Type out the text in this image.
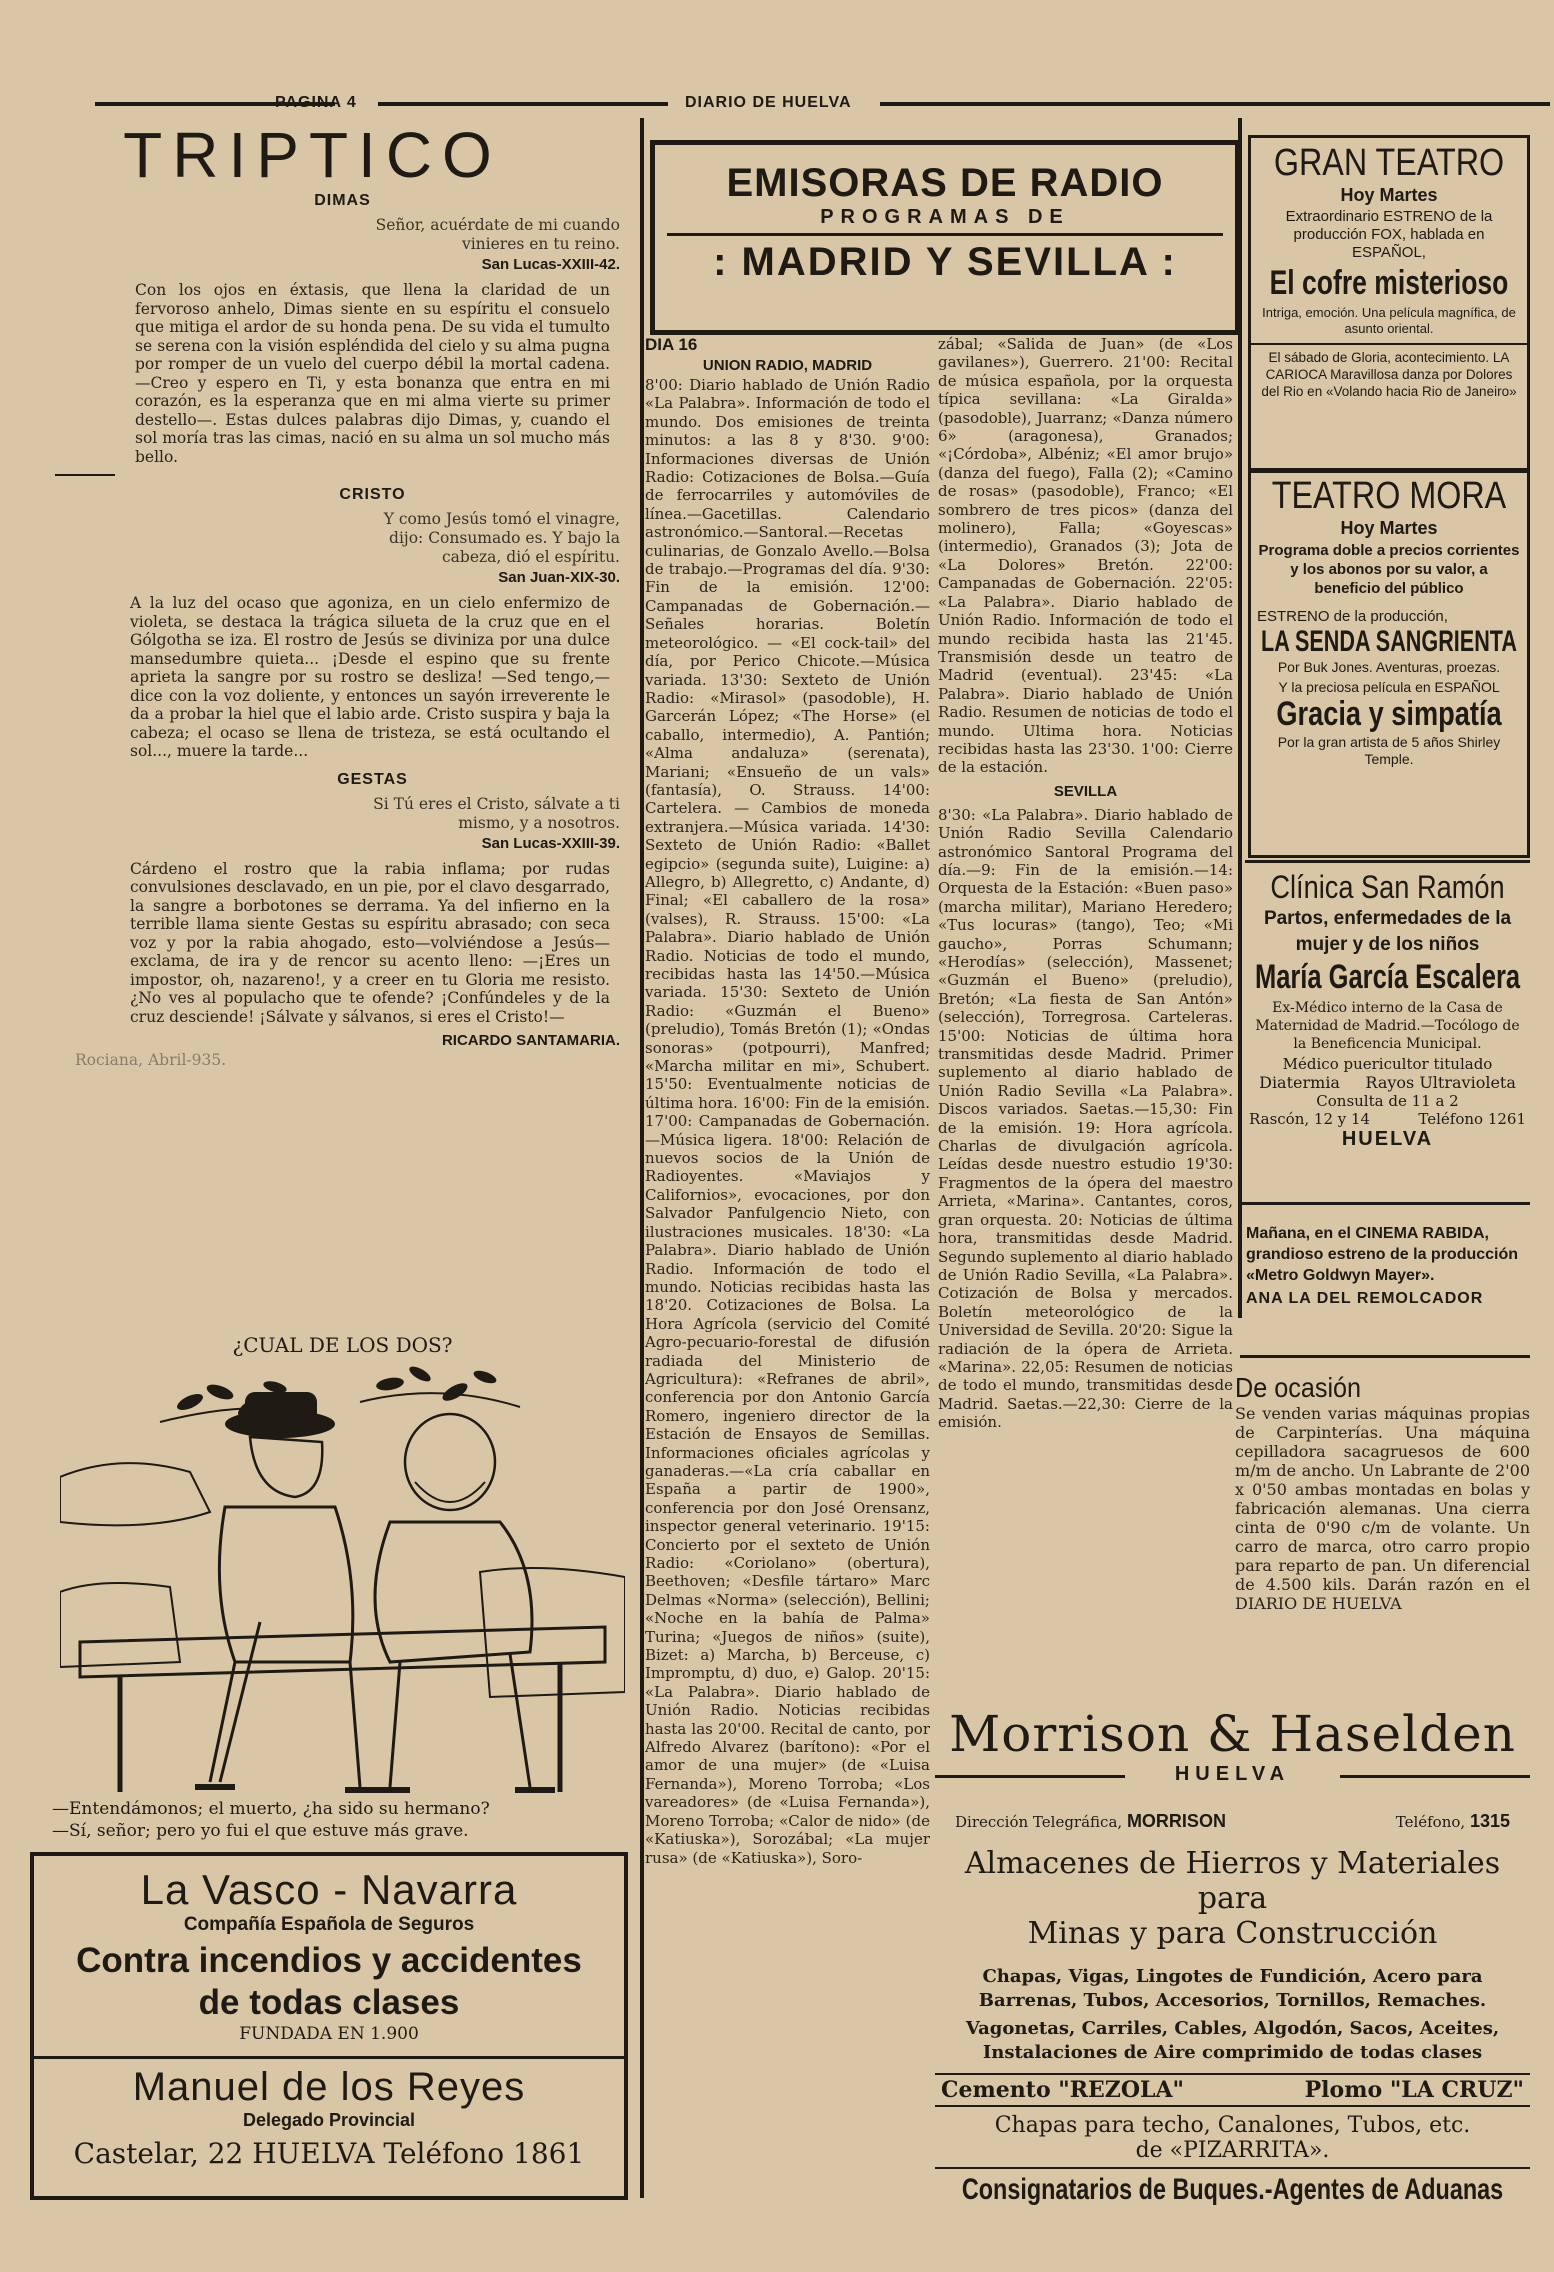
PAGINA 4	DIARIO DE HUELVA
TRIPTICO
DIMAS
Señor, acuérdate de mi cuando vinieres en tu reino.
San Lucas-XXIII-42.
Con los ojos en éxtasis, que llena la claridad de un fervoroso anhelo, Dimas siente en su espíritu el consuelo que mitiga el ardor de su honda pena. De su vida el tumulto se serena con la visión espléndida del cielo y su alma pugna por romper de un vuelo del cuerpo débil la mortal cadena. —Creo y espero en Ti, y esta bonanza que entra en mi corazón, es la esperanza que en mi alma vierte su primer destello—. Estas dulces palabras dijo Dimas, y, cuando el sol moría tras las cimas, nació en su alma un sol mucho más bello.
CRISTO
Y como Jesús tomó el vinagre, dijo: Consumado es. Y bajo la cabeza, dió el espíritu.
San Juan-XIX-30.
A la luz del ocaso que agoniza, en un cielo enfermizo de violeta, se destaca la trágica silueta de la cruz que en el Gólgotha se iza. El rostro de Jesús se diviniza por una dulce mansedumbre quieta... ¡Desde el espino que su frente aprieta la sangre por su rostro se desliza! —Sed tengo,—dice con la voz doliente, y entonces un sayón irreverente le da a probar la hiel que el labio arde. Cristo suspira y baja la cabeza; el ocaso se llena de tristeza, se está ocultando el sol..., muere la tarde...
GESTAS
Si Tú eres el Cristo, sálvate a ti mismo, y a nosotros.
San Lucas-XXIII-39.
Cárdeno el rostro que la rabia inflama; por rudas convulsiones desclavado, en un pie, por el clavo desgarrado, la sangre a borbotones se derrama. Ya del infierno en la terrible llama siente Gestas su espíritu abrasado; con seca voz y por la rabia ahogado, esto—volviéndose a Jesús—exclama, de ira y de rencor su acento lleno: —¡Eres un impostor, oh, nazareno!, y a creer en tu Gloria me resisto. ¿No ves al populacho que te ofende? ¡Confúndeles y de la cruz desciende! ¡Sálvate y sálvanos, si eres el Cristo!—
RICARDO SANTAMARIA.
Rociana, Abril-935.
¿CUAL DE LOS DOS?
—Entendámonos; el muerto, ¿ha sido su hermano?
—Sí, señor; pero yo fui el que estuve más grave.
La Vasco - Navarra
Compañía Española de Seguros
Contra incendios y accidentes
de todas clases
FUNDADA EN 1.900
Manuel de los Reyes
Delegado Provincial
Castelar, 22 HUELVA Teléfono 1861
EMISORAS DE RADIO
PROGRAMAS DE
: MADRID Y SEVILLA :
DIA 16
UNION RADIO, MADRID
8'00: Diario hablado de Unión Radio «La Palabra». Información de todo el mundo. Dos emisiones de treinta minutos: a las 8 y 8'30. 9'00: Informaciones diversas de Unión Radio: Cotizaciones de Bolsa.—Guía de ferrocarriles y automóviles de línea.—Gacetillas. Calendario astronómico.—Santoral.—Recetas culinarias, de Gonzalo Avello.—Bolsa de trabajo.—Programas del día. 9'30: Fin de la emisión. 12'00: Campanadas de Gobernación.—Señales horarias. Boletín meteorológico. — «El cock-tail» del día, por Perico Chicote.—Música variada. 13'30: Sexteto de Unión Radio: «Mirasol» (pasodoble), H. Garcerán López; «The Horse» (el caballo, intermedio), A. Pantión; «Alma andaluza» (serenata), Mariani; «Ensueño de un vals» (fantasía), O. Strauss. 14'00: Cartelera. — Cambios de moneda extranjera.—Música variada. 14'30: Sexteto de Unión Radio: «Ballet egipcio» (segunda suite), Luigine: a) Allegro, b) Allegretto, c) Andante, d) Final; «El caballero de la rosa» (valses), R. Strauss. 15'00: «La Palabra». Diario hablado de Unión Radio. Noticias de todo el mundo, recibidas hasta las 14'50.—Música variada. 15'30: Sexteto de Unión Radio: «Guzmán el Bueno» (preludio), Tomás Bretón (1); «Ondas sonoras» (potpourri), Manfred; «Marcha militar en mi», Schubert. 15'50: Eventualmente noticias de última hora. 16'00: Fin de la emisión. 17'00: Campanadas de Gobernación.—Música ligera. 18'00: Relación de nuevos socios de la Unión de Radioyentes. «Maviajos y Californios», evocaciones, por don Salvador Panfulgencio Nieto, con ilustraciones musicales. 18'30: «La Palabra». Diario hablado de Unión Radio. Información de todo el mundo. Noticias recibidas hasta las 18'20. Cotizaciones de Bolsa. La Hora Agrícola (servicio del Comité Agro-pecuario-forestal de difusión radiada del Ministerio de Agricultura): «Refranes de abril», conferencia por don Antonio García Romero, ingeniero director de la Estación de Ensayos de Semillas. Informaciones oficiales agrícolas y ganaderas.—«La cría caballar en España a partir de 1900», conferencia por don José Orensanz, inspector general veterinario. 19'15: Concierto por el sexteto de Unión Radio: «Coriolano» (obertura), Beethoven; «Desfile tártaro» Marc Delmas «Norma» (selección), Bellini; «Noche en la bahía de Palma» Turina; «Juegos de niños» (suite), Bizet: a) Marcha, b) Berceuse, c) Impromptu, d) duo, e) Galop. 20'15: «La Palabra». Diario hablado de Unión Radio. Noticias recibidas hasta las 20'00. Recital de canto, por Alfredo Alvarez (barítono): «Por el amor de una mujer» (de «Luisa Fernanda»), Moreno Torroba; «Los vareadores» (de «Luisa Fernanda»), Moreno Torroba; «Calor de nido» (de «Katiuska»), Sorozábal; «La mujer rusa» (de «Katiuska»), Soro-
zábal; «Salida de Juan» (de «Los gavilanes»), Guerrero. 21'00: Recital de música española, por la orquesta típica sevillana: «La Giralda» (pasodoble), Juarranz; «Danza número 6» (aragonesa), Granados; «¡Córdoba», Albéniz; «El amor brujo» (danza del fuego), Falla (2); «Camino de rosas» (pasodoble), Franco; «El sombrero de tres picos» (danza del molinero), Falla; «Goyescas» (intermedio), Granados (3); Jota de «La Dolores» Bretón. 22'00: Campanadas de Gobernación. 22'05: «La Palabra». Diario hablado de Unión Radio. Información de todo el mundo recibida hasta las 21'45. Transmisión desde un teatro de Madrid (eventual). 23'45: «La Palabra». Diario hablado de Unión Radio. Resumen de noticias de todo el mundo. Ultima hora. Noticias recibidas hasta las 23'30. 1'00: Cierre de la estación.
SEVILLA
8'30: «La Palabra». Diario hablado de Unión Radio Sevilla Calendario astronómico Santoral Programa del día.—9: Fin de la emisión.—14: Orquesta de la Estación: «Buen paso» (marcha militar), Mariano Heredero; «Tus locuras» (tango), Teo; «Mi gaucho», Porras Schumann; «Herodías» (selección), Massenet; «Guzmán el Bueno» (preludio), Bretón; «La fiesta de San Antón» (selección), Torregrosa. Carteleras. 15'00: Noticias de última hora transmitidas desde Madrid. Primer suplemento al diario hablado de Unión Radio Sevilla «La Palabra». Discos variados. Saetas.—15,30: Fin de la emisión. 19: Hora agrícola. Charlas de divulgación agrícola. Leídas desde nuestro estudio 19'30: Fragmentos de la ópera del maestro Arrieta, «Marina». Cantantes, coros, gran orquesta. 20: Noticias de última hora, transmitidas desde Madrid. Segundo suplemento al diario hablado de Unión Radio Sevilla, «La Palabra». Cotización de Bolsa y mercados. Boletín meteorológico de la Universidad de Sevilla. 20'20: Sigue la radiación de la ópera de Arrieta. «Marina». 22,05: Resumen de noticias de todo el mundo, transmitidas desde Madrid. Saetas.—22,30: Cierre de la emisión.
GRAN TEATRO
Hoy Martes
Extraordinario ESTRENO de la producción FOX, hablada en ESPAÑOL,
El cofre misterioso
Intriga, emoción. Una película magnífica, de asunto oriental.
El sábado de Gloria, acontecimiento. LA CARIOCA Maravillosa danza por Dolores del Rio en «Volando hacia Rio de Janeiro»
TEATRO MORA
Hoy Martes
Programa doble a precios corrientes y los abonos por su valor, a beneficio del público
ESTRENO de la producción,
LA SENDA SANGRIENTA
Por Buk Jones. Aventuras, proezas.
Y la preciosa película en ESPAÑOL
Gracia y simpatía
Por la gran artista de 5 años Shirley Temple.
Clínica San Ramón
Partos, enfermedades de la mujer y de los niños
María García Escalera
Ex-Médico interno de la Casa de Maternidad de Madrid.—Tocólogo de la Beneficencia Municipal.
Médico puericultor titulado
Diatermia     Rayos Ultravioleta
Consulta de 11 a 2
Rascón, 12 y 14	Teléfono 1261
HUELVA
Mañana, en el CINEMA RABIDA, grandioso estreno de la producción «Metro Goldwyn Mayer».
ANA LA DEL REMOLCADOR
De ocasión
Se venden varias máquinas propias de Carpinterías. Una máquina cepilladora sacagruesos de 600 m/m de ancho. Un Labrante de 2'00 x 0'50 ambas montadas en bolas y fabricación alemanas. Una cierra cinta de 0'90 c/m de volante. Un carro de marca, otro carro propio para reparto de pan. Un diferencial de 4.500 kils. Darán razón en el DIARIO DE HUELVA
Morrison & Haselden
HUELVA
Dirección Telegráfica, MORRISON	Teléfono, 1315
Almacenes de Hierros y Materiales para
Minas y para Construcción
Chapas, Vigas, Lingotes de Fundición, Acero para Barrenas, Tubos, Accesorios, Tornillos, Remaches.
Vagonetas, Carriles, Cables, Algodón, Sacos, Aceites, Instalaciones de Aire comprimido de todas clases
Cemento "REZOLA"	Plomo "LA CRUZ"
Chapas para techo, Canalones, Tubos, etc.
de «PIZARRITA».
Consignatarios de Buques.-Agentes de Aduanas
